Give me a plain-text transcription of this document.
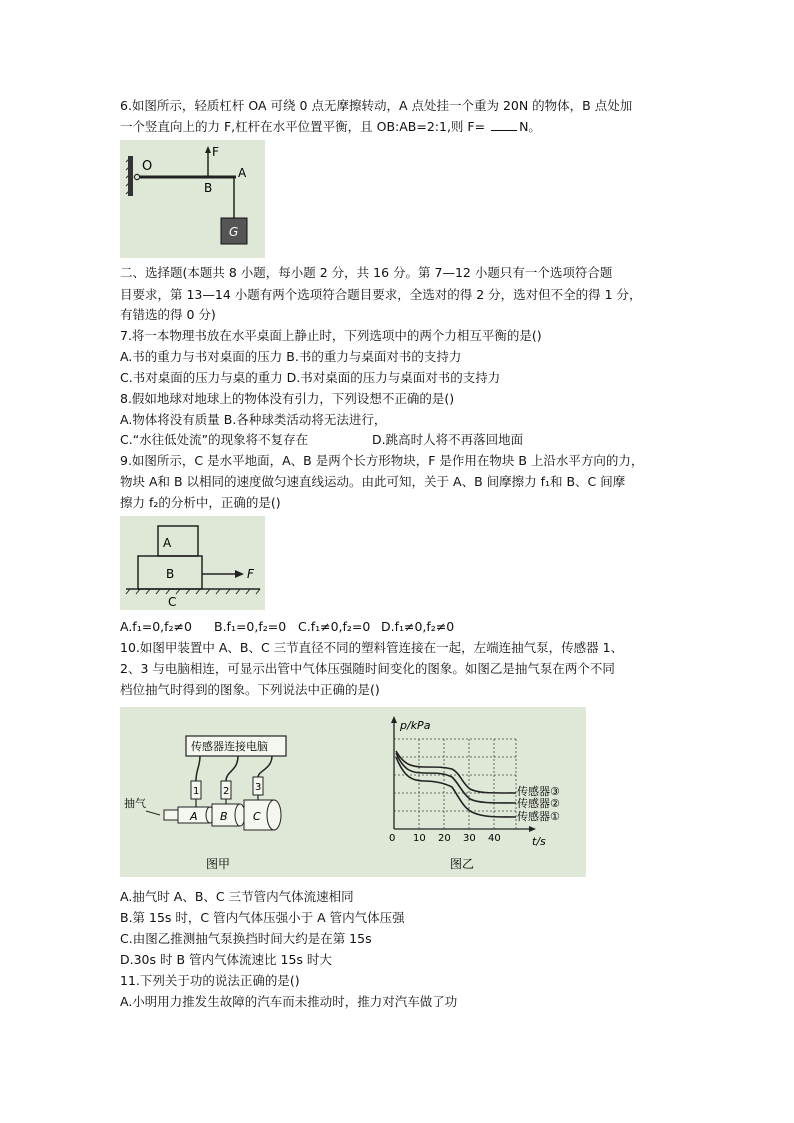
6.如图所示，轻质杠杆 OA 可绕 0 点无摩擦转动，A 点处挂一个重为 20N 的物体，B 点处加
一个竖直向上的力 F,杠杆在水平位置平衡，且 OB:AB=2:1,则 F=	N。
O
F
B
A
G
二、选择题(本题共 8 小题，每小题 2 分，共 16 分。第 7—12 小题只有一个选项符合题
目要求，第 13—14 小题有两个选项符合题目要求，全选对的得 2 分，选对但不全的得 1 分，
有错选的得 0 分)
7.将一本物理书放在水平桌面上静止时，下列选项中的两个力相互平衡的是()
A.书的重力与书对桌面的压力 B.书的重力与桌面对书的支持力
C.书对桌面的压力与桌的重力 D.书对桌面的压力与桌面对书的支持力
8.假如地球对地球上的物体没有引力，下列设想不正确的是()
A.物体将没有质量 B.各种球类活动将无法进行，
C.“水往低处流”的现象将不复存在	D.跳高时人将不再落回地面
9.如图所示，C 是水平地面，A、B 是两个长方形物块，F 是作用在物块 B 上沿水平方向的力，
物块 A和 B 以相同的速度做匀速直线运动。由此可知，关于 A、B 间摩擦力 f₁和 B、C 间摩
擦力 f₂的分析中，正确的是()
A
B	F
C
A.f₁=0,f₂≠0 B.f₁=0,f₂=0 C.f₁≠0,f₂=0 D.f₁≠0,f₂≠0
10.如图甲装置中 A、B、C 三节直径不同的塑料管连接在一起，左端连抽气泵，传感器 1、
2、3 与电脑相连，可显示出管中气体压强随时间变化的图象。如图乙是抽气泵在两个不同
档位抽气时得到的图象。下列说法中正确的是()
传感器连接电脑
1 2	3
A B C
抽气
图甲
p/kPa
t/s
传感器③
传感器②
传感器①
0 10 20 30 40
图乙
A.抽气时 A、B、C 三节管内气体流速相同
B.第 15s 时，C 管内气体压强小于 A 管内气体压强
C.由图乙推测抽气泵换挡时间大约是在第 15s
D.30s 时 B 管内气体流速比 15s 时大
11.下列关于功的说法正确的是()
A.小明用力推发生故障的汽车而未推动时，推力对汽车做了功
